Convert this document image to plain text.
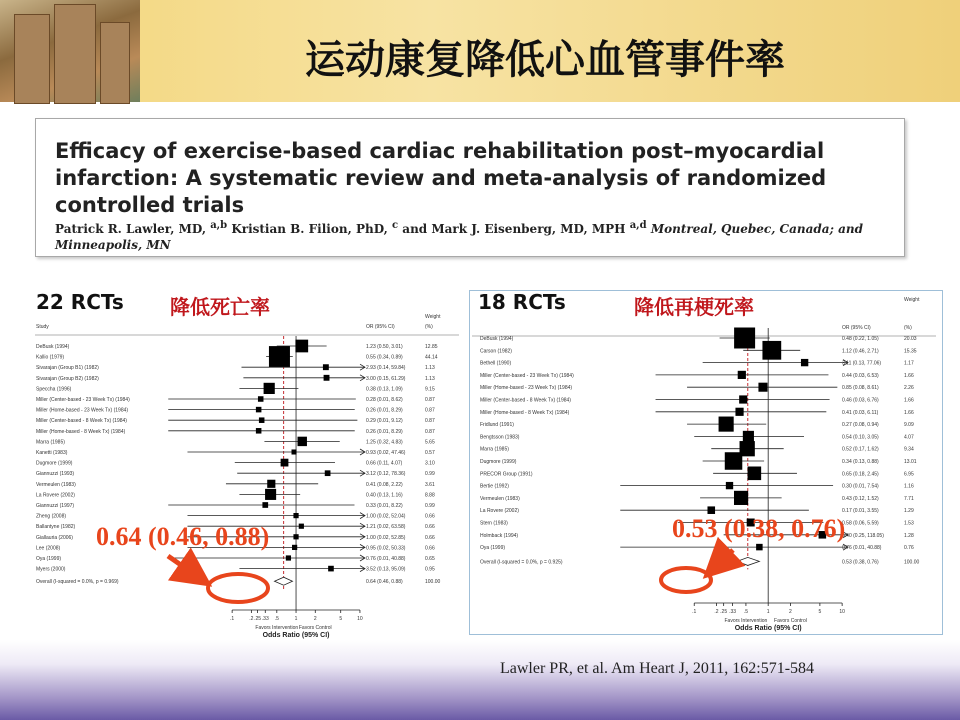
运动康复降低心血管事件率
Efficacy of exercise-based cardiac rehabilitation post–myocardial infarction: A systematic review and meta-analysis of randomized controlled trials
Patrick R. Lawler, MD, $^{a,b}$ Kristian B. Filion, PhD, $^c$ and Mark J. Eisenberg, MD, MPH $^{a,d}$ Montreal, Quebec, Canada; and Minneapolis, MN
Study	OR (95% CI)
Weight
(%)
DeBusk (1994)	1.23 (0.50, 3.01)	12.85
Kallio (1979)	0.55 (0.34, 0.89)	44.14
Sivarajan (Group B1) (1982)	2.93 (0.14, 59.84)	1.13
Sivarajan (Group B2) (1982)	3.00 (0.15, 61.29)	1.13
Speccha (1996)	0.38 (0.13, 1.09)	9.15
Miller (Center-based - 23 Week Tx) (1984)	0.28 (0.01, 8.62)	0.87
Miller (Home-based - 23 Week Tx) (1984)	0.26 (0.01, 8.29)	0.87
Miller (Center-based - 8 Week Tx) (1984)	0.29 (0.01, 9.12)	0.87
Miller (Home-based - 8 Week Tx) (1984)	0.26 (0.01, 8.29)	0.87
Marra (1985)	1.25 (0.32, 4.83)	5.65
Kanetti (1983)	0.93 (0.02, 47.46)	0.57
Dugmore (1999)	0.66 (0.11, 4.07)	3.10
Giannuzzi (1993)	3.12 (0.12, 78.36)	0.99
Vermeulen (1983)	0.41 (0.08, 2.22)	3.61
La Rovere (2002)	0.40 (0.13, 1.16)	8.88
Giannuzzi (1997)	0.33 (0.01, 8.22)	0.99
Zheng (2008)	1.00 (0.02, 52.04)	0.66
Ballantyne (1982)	1.21 (0.02, 63.58)	0.66
Giallauria (2006)	1.00 (0.02, 52.85)	0.66
Lee (2008)	0.95 (0.02, 50.33)	0.66
Oya (1999)	0.76 (0.01, 40.88)	0.65
Myers (2000)	3.52 (0.13, 95.09)	0.95
Overall (I-squared = 0.0%, p = 0.969)	0.64 (0.46, 0.88)	100.00
.1	.2 .25 .33 .5	1	2	5	10
Favors Intervention Favors Control
Odds Ratio (95% CI)
22 RCTs 降低死亡率
OR (95% CI)
Weight
(%)
DeBusk (1994)	0.48 (0.22, 1.05)	20.03
Carson (1982)	1.12 (0.46, 2.71)	15.35
Bethell (1990)	3.11 (0.13, 77.06)	1.17
Miller (Center-based - 23 Week Tx) (1984)	0.44 (0.03, 6.53)	1.66
Miller (Home-based - 23 Week Tx) (1984)	0.85 (0.08, 8.61)	2.26
Miller (Center-based - 8 Week Tx) (1984)	0.46 (0.03, 6.76)	1.66
Miller (Home-based - 8 Week Tx) (1984)	0.41 (0.03, 6.11)	1.66
Fridlund (1991)	0.27 (0.08, 0.94)	9.09
Bengtsson (1983)	0.54 (0.10, 3.05)	4.07
Marra (1985)	0.52 (0.17, 1.62)	9.34
Dugmore (1999)	0.34 (0.13, 0.88)	13.01
PRECOR Group (1991)	0.65 (0.18, 2.45)	6.95
Bertie (1992)	0.30 (0.01, 7.54)	1.16
Vermeulen (1983)	0.43 (0.12, 1.52)	7.71
La Rovere (2002)	0.17 (0.01, 3.55)	1.29
Stern (1983)	0.58 (0.06, 5.59)	1.53
Holmback (1994)	5.40 (0.25, 118.05)	1.28
Oya (1999)	0.76 (0.01, 40.88)	0.76
Overall (I-squared = 0.0%, p = 0.925)	0.53 (0.38, 0.76)	100.00
.1	.2 .25 .33 .5	1	2	5	10
Favors Intervention Favors Control
Odds Ratio (95% CI)
18 RCTs	降低再梗死率
0.64 (0.46, 0.88)	0.53 (0.38, 0.76)
Lawler PR, et al. Am Heart J, 2011, 162:571-584
